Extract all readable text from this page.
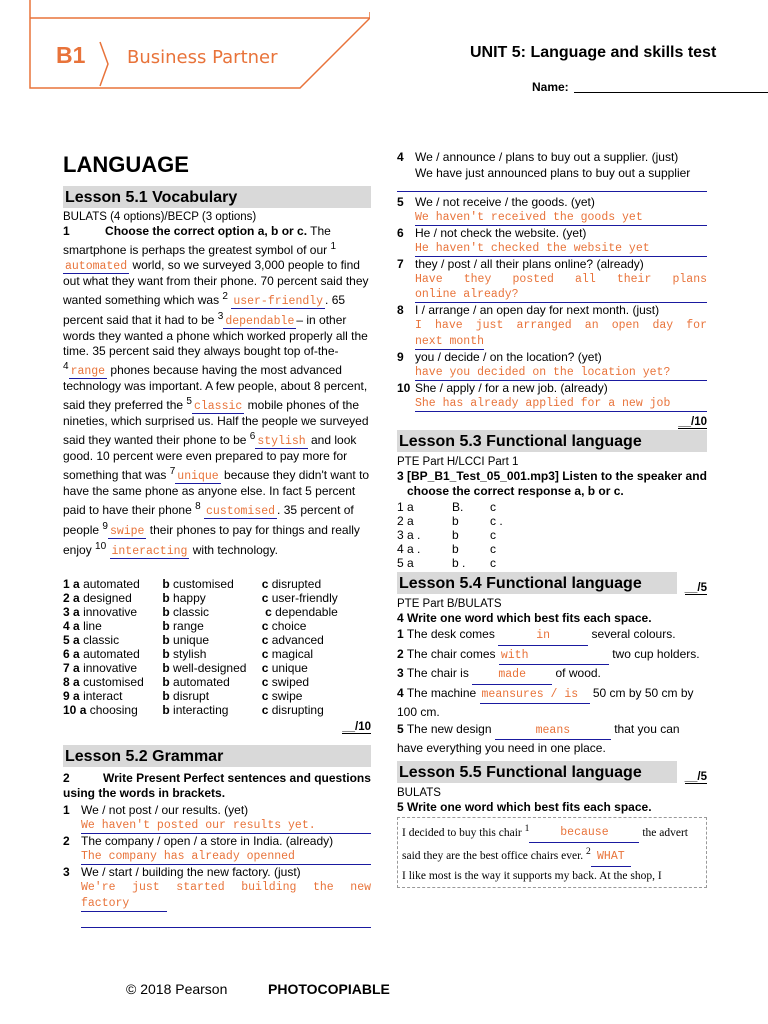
B1 Business Partner	UNIT 5: Language and skills test
Name:
LANGUAGE
Lesson 5.1 Vocabulary
BULATS (4 options)/BECP (3 options)
1	Choose the correct option a, b or c. The smartphone is perhaps the greatest symbol of our $^1$ automated world, so we surveyed 3,000 people to find out what they want from their phone. 70 percent said they wanted something which was $^2$ user-friendly . 65 percent said that it had to be $^3$ dependable – in other words they wanted a phone which worked properly all the time. 35 percent said they always bought top of-the- $^4$ range phones because having the most advanced technology was important. A few people, about 8 percent, said they preferred the $^5$ classic mobile phones of the nineties, which surprised us. Half the people we surveyed said they wanted their phone to be $^6$ stylish and look good. 10 percent were even prepared to pay more for something that was $^7$ unique because they didn't want to have the same phone as anyone else. In fact 5 percent paid to have their phone $^8$ customised . 35 percent of people $^9$ swipe their phones to pay for things and really enjoy $^{10}$ interacting with technology.
1 a automated	b customised	c disrupted
2 a designed	b happy	c user-friendly
3 a innovative	b classic	c dependable
4 a line	b range	c choice
5 a classic	b unique	c advanced
6 a automated	b stylish	c magical
7 a innovative	b well-designed	c unique
8 a customised	b automated	c swiped
9 a interact	b disrupt	c swipe
10 a choosing	b interacting	c disrupting
__/10
Lesson 5.2 Grammar
2	Write Present Perfect sentences and questions using the words in brackets.
1 We / not post / our results. (yet)
We haven't posted our results yet.
2 The company / open / a store in India. (already)
The company has already openned
3 We / start / building the new factory. (just)
We're just started building the new
factory
4 We / announce / plans to buy out a supplier. (just)
We have just announced plans to buy out a supplier
5 We / not receive / the goods. (yet)
We haven't received the goods yet
6 He / not check the website. (yet)
He haven't checked the website yet
7 they / post / all their plans online? (already)
Have they posted all their plans
online already?
8 I / arrange / an open day for next month. (just)
I have just arranged an open day for
next month
9 you / decide / on the location? (yet)
have you decided on the location yet?
10 She / apply / for a new job. (already)
She has already applied for a new job
__/10
Lesson 5.3 Functional language
PTE Part H/LCCI Part 1
3 [BP_B1_Test_05_001.mp3] Listen to the speaker and choose the correct response a, b or c.
1 a	B.	c
2 a	b	c .
3 a .	b	c
4 a .	b	c
5 a	b .	c
Lesson 5.4 Functional language	__/5
PTE Part B/BULATS
4 Write one word which best fits each space.
1 The desk comes	in	several colours.
2 The chair comes with	two cup holders.
3 The chair is made of wood.
4 The machine meansures / is 50 cm by 50 cm by 100 cm.
5 The new design	means	that you can have everything you need in one place.
Lesson 5.5 Functional language	__/5
BULATS
5 Write one word which best fits each space.
I decided to buy this chair $^1$	because	the advert said they are the best office chairs ever. $^2$ WHAT
I like most is the way it supports my back. At the shop, I
© 2018 Pearson	PHOTOCOPIABLE
